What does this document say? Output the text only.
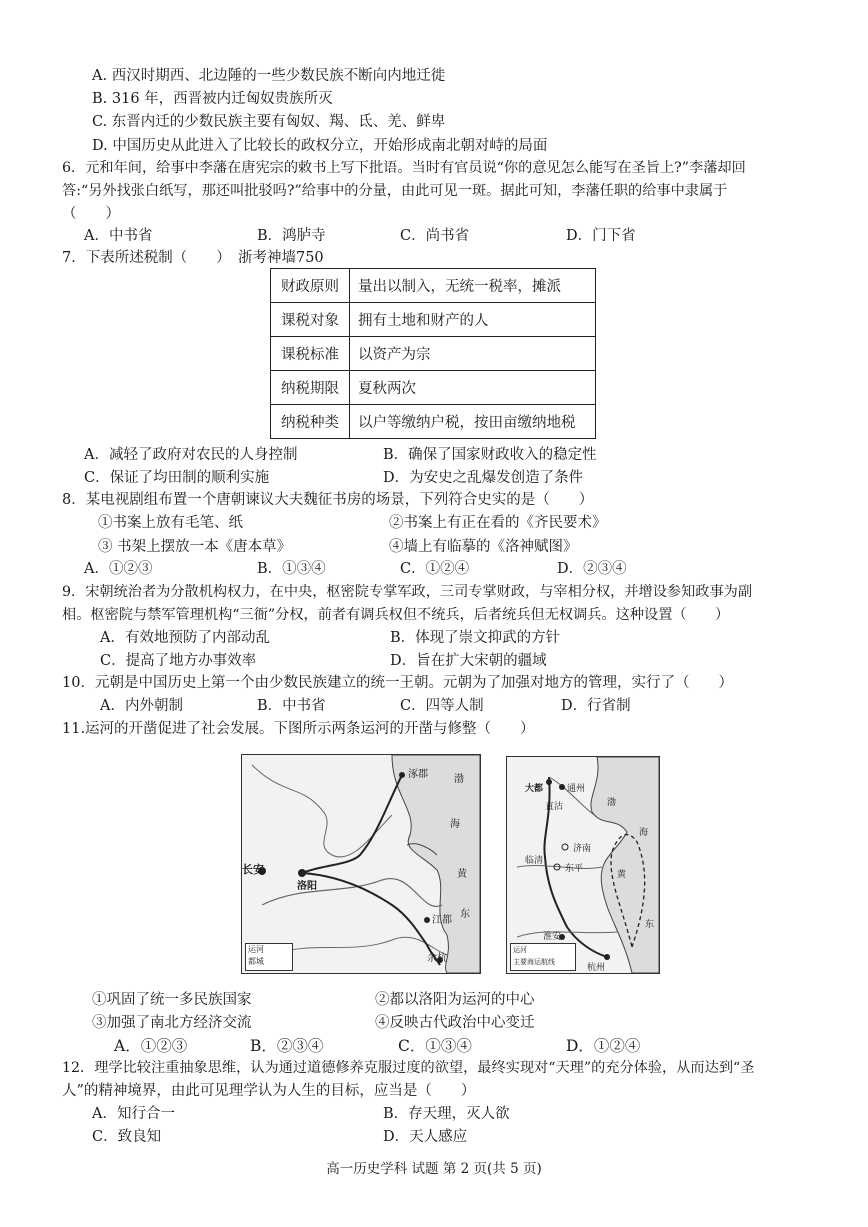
A. 西汉时期西、北边陲的一些少数民族不断向内地迁徙
B. 316 年，西晋被内迁匈奴贵族所灭
C. 东晋内迁的少数民族主要有匈奴、羯、氐、羌、鲜卑
D. 中国历史从此进入了比较长的政权分立，开始形成南北朝对峙的局面
6．元和年间，给事中李藩在唐宪宗的敕书上写下批语。当时有官员说“你的意见怎么能写在圣旨上?”李藩却回
答:“另外找张白纸写，那还叫批驳吗?”给事中的分量，由此可见一斑。据此可知，李藩任职的给事中隶属于
（　　）
A．中书省	B．鸿胪寺	C．尚书省	D．门下省
7．下表所述税制（　　）　浙考神墙750
财政原则	量出以制入，无统一税率，摊派
课税对象	拥有土地和财产的人
课税标准	以资产为宗
纳税期限	夏秋两次
纳税种类	以户等缴纳户税，按田亩缴纳地税
A．减轻了政府对农民的人身控制	B．确保了国家财政收入的稳定性
C．保证了均田制的顺利实施	D．为安史之乱爆发创造了条件
8．某电视剧组布置一个唐朝谏议大夫魏征书房的场景，下列符合史实的是（　　）
①书案上放有毛笔、纸	②书案上有正在看的《齐民要术》
③ 书架上摆放一本《唐本草》	④墙上有临摹的《洛神赋图》
A．①②③	B．①③④	C．①②④	D．②③④
9．宋朝统治者为分散机构权力，在中央，枢密院专掌军政，三司专掌财政，与宰相分权，并增设参知政事为副
相。枢密院与禁军管理机构“三衙”分权，前者有调兵权但不统兵，后者统兵但无权调兵。这种设置（　　）
A．有效地预防了内部动乱	B．体现了崇文抑武的方针
C．提高了地方办事效率	D．旨在扩大宋朝的疆域
10．元朝是中国历史上第一个由少数民族建立的统一王朝。元朝为了加强对地方的管理，实行了（　　）
A．内外朝制	B．中书省	C．四等人制	D．行省制
11.运河的开凿促进了社会发展。下图所示两条运河的开凿与修整（　　）
长安
洛阳
涿郡
江都
余杭
渤
海
黄
东
运河
都城
大都	通州
直沽
济南
临清
东平
淮安
杭州
渤
海
黄
东
运河
主要海运航线
①巩固了统一多民族国家	②都以洛阳为运河的中心
③加强了南北方经济交流	④反映古代政治中心变迁
A．①②③	B．②③④	C．①③④	D．①②④
12．理学比较注重抽象思维，认为通过道德修养克服过度的欲望，最终实现对“天理”的充分体验，从而达到“圣
人”的精神境界，由此可见理学认为人生的目标，应当是（　　）
A．知行合一	B．存天理，灭人欲
C．致良知	D．天人感应
高一历史学科 试题 第 2 页(共 5 页)
